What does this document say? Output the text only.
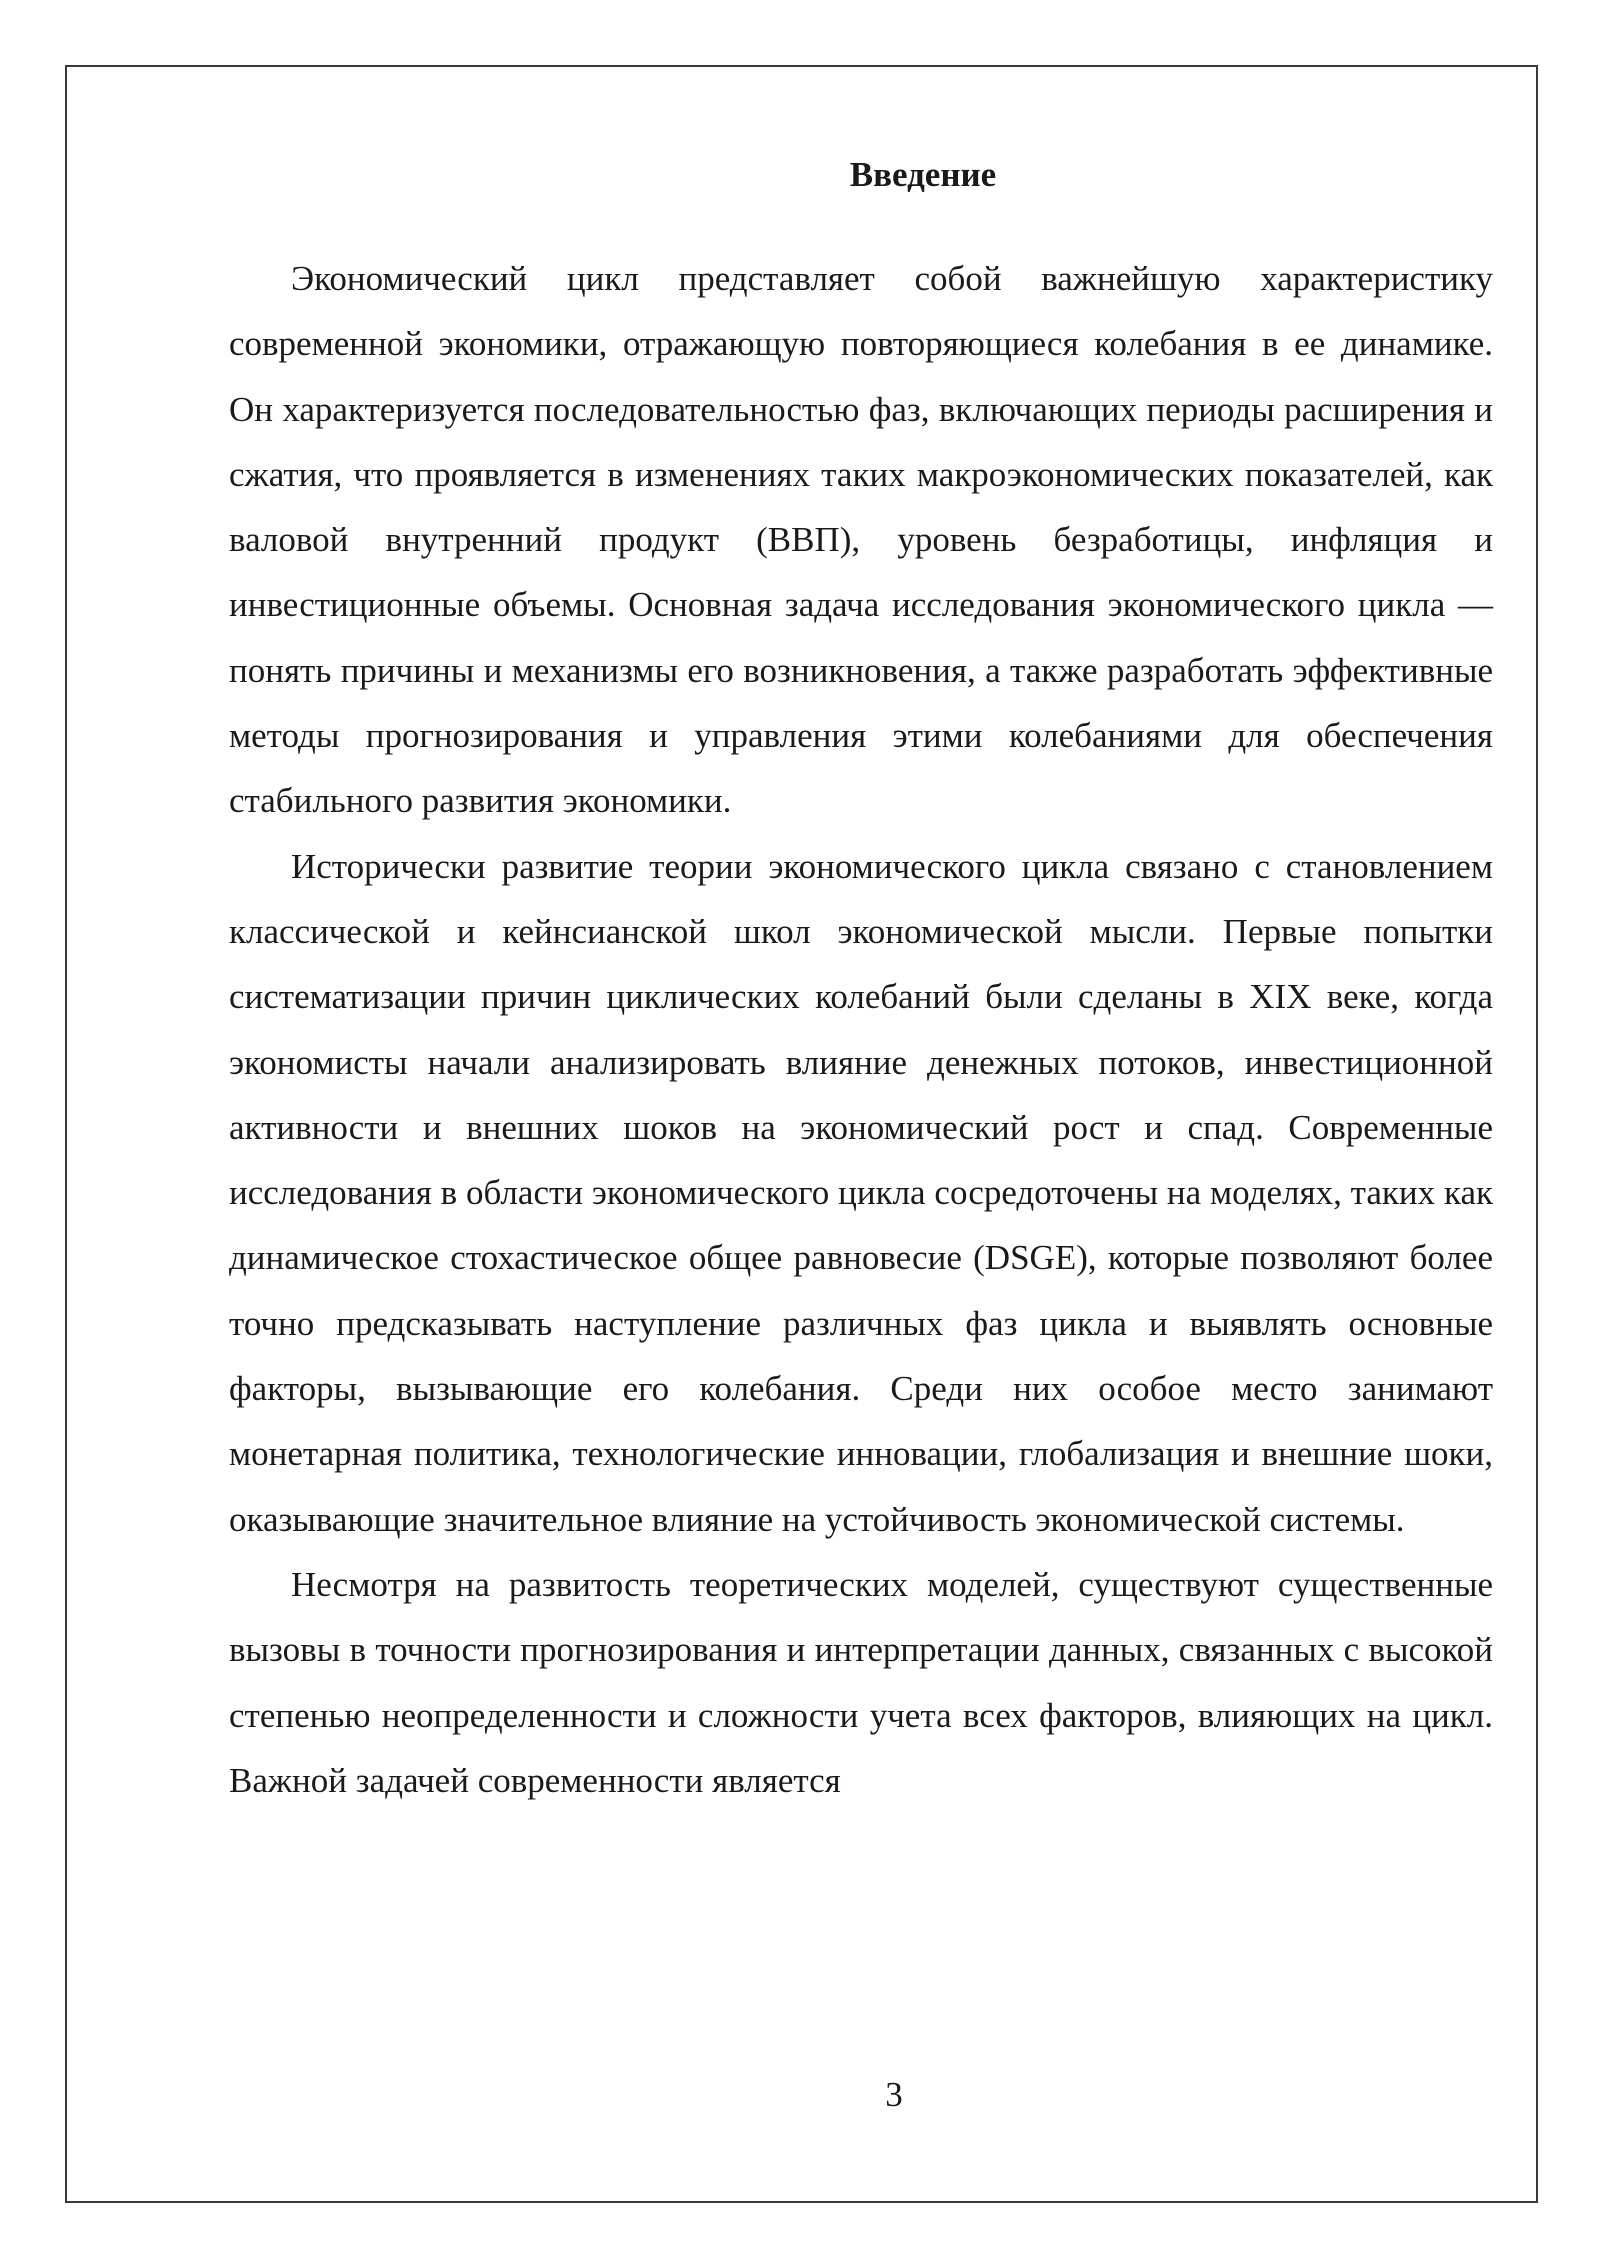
Введение

Экономический цикл представляет собой важнейшую характеристику современной экономики, отражающую повторяющиеся колебания в ее динамике. Он характеризуется последовательностью фаз, включающих периоды расширения и сжатия, что проявляется в изменениях таких макроэкономических показателей, как валовой внутренний продукт (ВВП), уровень безработицы, инфляция и инвестиционные объемы. Основная задача исследования экономического цикла — понять причины и механизмы его возникновения, а также разработать эффективные методы прогнозирования и управления этими колебаниями для обеспечения стабильного развития экономики.

Исторически развитие теории экономического цикла связано с становлением классической и кейнсианской школ экономической мысли. Первые попытки систематизации причин циклических колебаний были сделаны в XIX веке, когда экономисты начали анализировать влияние денежных потоков, инвестиционной активности и внешних шоков на экономический рост и спад. Современные исследования в области экономического цикла сосредоточены на моделях, таких как динамическое стохастическое общее равновесие (DSGE), которые позволяют более точно предсказывать наступление различных фаз цикла и выявлять основные факторы, вызывающие его колебания. Среди них особое место занимают монетарная политика, технологические инновации, глобализация и внешние шоки, оказывающие значительное влияние на устойчивость экономической системы.

Несмотря на развитость теоретических моделей, существуют существенные вызовы в точности прогнозирования и интерпретации данных, связанных с высокой степенью неопределенности и сложности учета всех факторов, влияющих на цикл. Важной задачей современности является

3
